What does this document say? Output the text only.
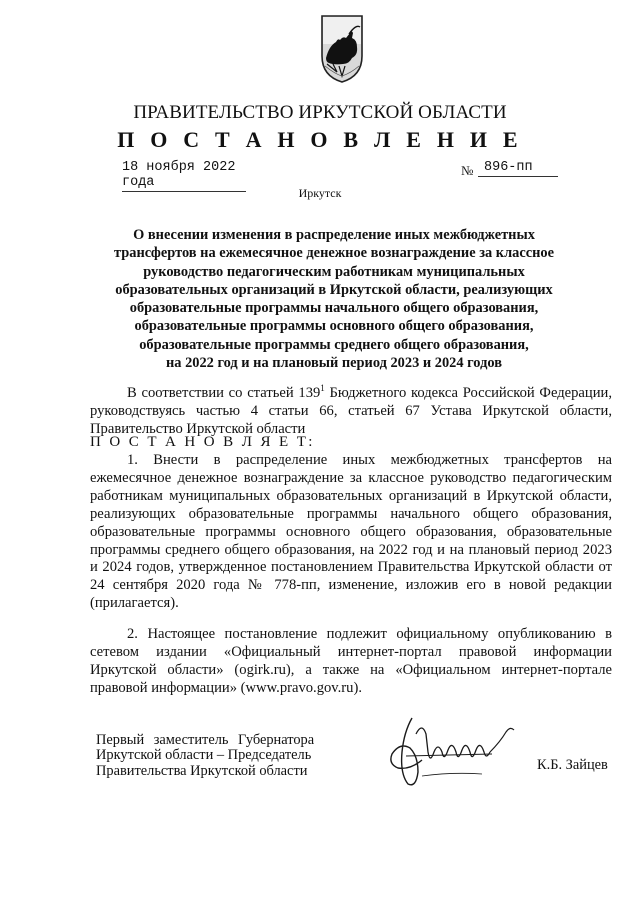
ПРАВИТЕЛЬСТВО ИРКУТСКОЙ ОБЛАСТИ
П О С Т А Н О В Л Е Н И Е
18 ноября 2022 года
№ 896-пп
Иркутск
О внесении изменения в распределение иных межбюджетных
трансфертов на ежемесячное денежное вознаграждение за классное
руководство педагогическим работникам муниципальных
образовательных организаций в Иркутской области, реализующих
образовательные программы начального общего образования,
образовательные программы основного общего образования,
образовательные программы среднего общего образования,
на 2022 год и на плановый период 2023 и 2024 годов

В соответствии со статьей $139^1$ Бюджетного кодекса Российской Федерации, руководствуясь частью 4 статьи 66, статьей 67 Устава Иркутской области, Правительство Иркутской области

П О С Т А Н О В Л Я Е Т:

1. Внести в распределение иных межбюджетных трансфертов на ежемесячное денежное вознаграждение за классное руководство педагогическим работникам муниципальных образовательных организаций в Иркутской области, реализующих образовательные программы начального общего образования, образовательные программы основного общего образования, образовательные программы среднего общего образования, на 2022 год и на плановый период 2023 и 2024 годов, утвержденное постановлением Правительства Иркутской области от 24 сентября 2020 года № 778-пп, изменение, изложив его в новой редакции (прилагается).

2. Настоящее постановление подлежит официальному опубликованию в сетевом издании «Официальный интернет-портал правовой информации Иркутской области» (ogirk.ru), а также на «Официальном интернет-портале правовой информации» (www.pravo.gov.ru).

Первый заместитель Губернатора
Иркутской области – Председатель
Правительства Иркутской области	К.Б. Зайцев
